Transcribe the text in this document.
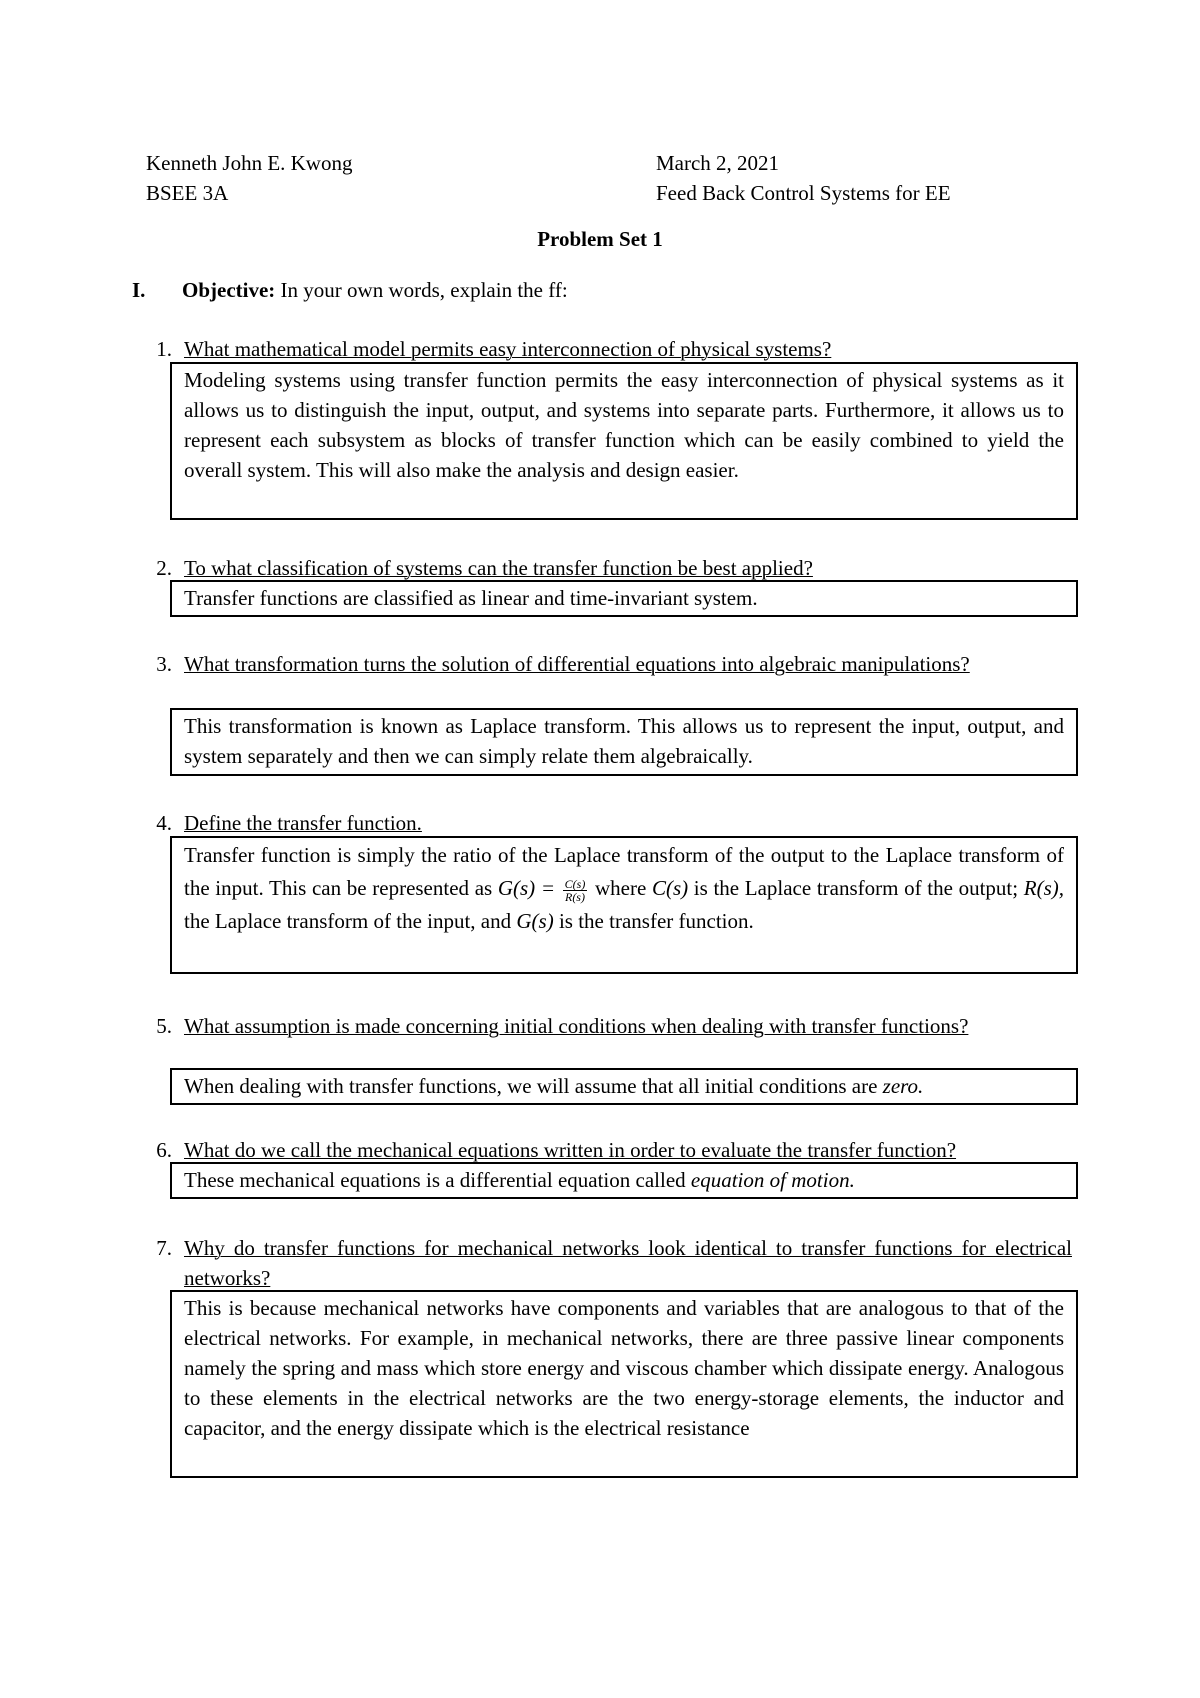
Kenneth John E. Kwong	March 2, 2021
BSEE 3A	Feed Back Control Systems for EE
Problem Set 1
I.	Objective: In your own words, explain the ff:
1. What mathematical model permits easy interconnection of physical systems?
Modeling systems using transfer function permits the easy interconnection of physical systems as it allows us to distinguish the input, output, and systems into separate parts. Furthermore, it allows us to represent each subsystem as blocks of transfer function which can be easily combined to yield the overall system. This will also make the analysis and design easier.
2. To what classification of systems can the transfer function be best applied?
Transfer functions are classified as linear and time-invariant system.
3. What transformation turns the solution of differential equations into algebraic manipulations?
This transformation is known as Laplace transform. This allows us to represent the input, output, and system separately and then we can simply relate them algebraically.
4. Define the transfer function.
Transfer function is simply the ratio of the Laplace transform of the output to the Laplace transform of the input. This can be represented as $G(s) = \frac{C(s)}{R(s)}$ where C(s) is the Laplace transform of the output; R(s), the Laplace transform of the input, and G(s) is the transfer function.
5. What assumption is made concerning initial conditions when dealing with transfer functions?
When dealing with transfer functions, we will assume that all initial conditions are zero.
6. What do we call the mechanical equations written in order to evaluate the transfer function?
These mechanical equations is a differential equation called equation of motion.
7. Why do transfer functions for mechanical networks look identical to transfer functions for electrical networks?
This is because mechanical networks have components and variables that are analogous to that of the electrical networks. For example, in mechanical networks, there are three passive linear components namely the spring and mass which store energy and viscous chamber which dissipate energy. Analogous to these elements in the electrical networks are the two energy-storage elements, the inductor and capacitor, and the energy dissipate which is the electrical resistance
